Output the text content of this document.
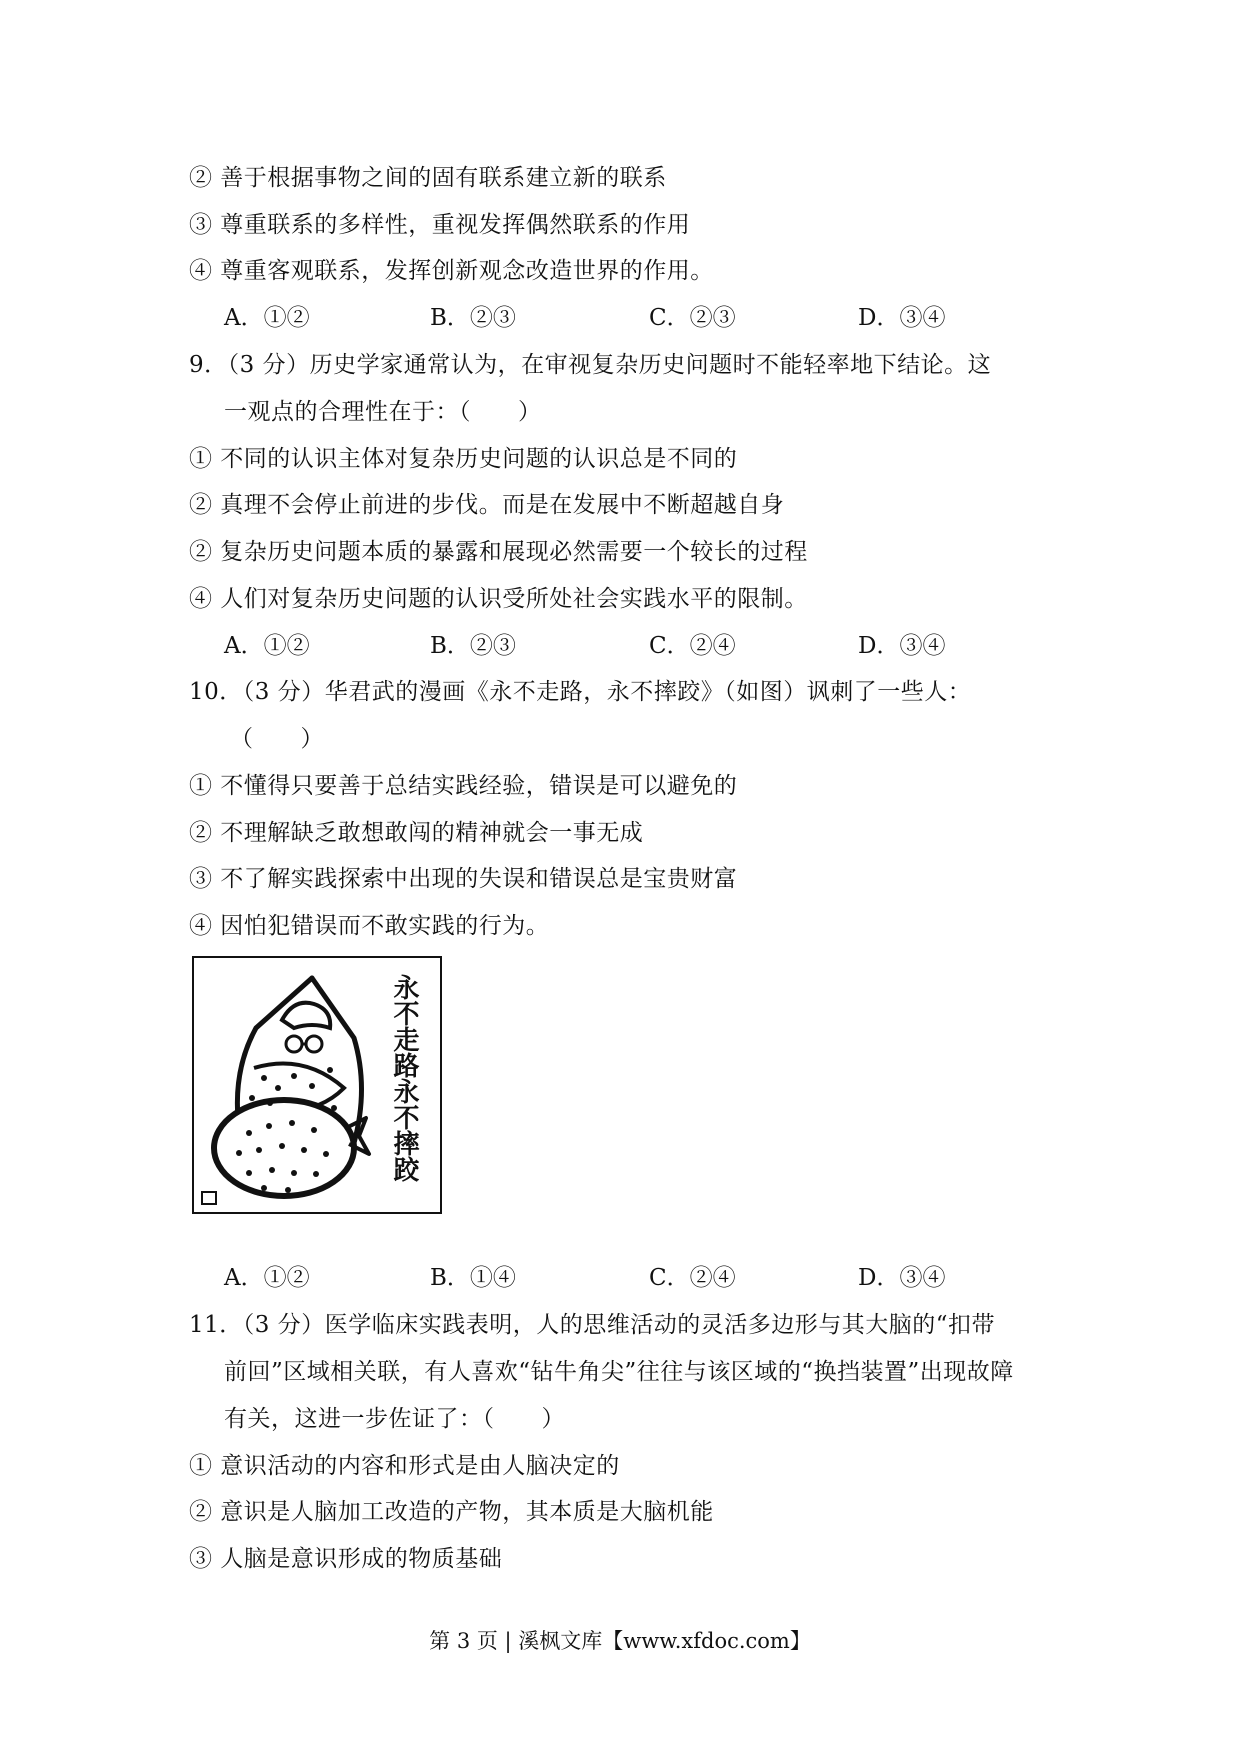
② 善于根据事物之间的固有联系建立新的联系
③ 尊重联系的多样性，重视发挥偶然联系的作用
④ 尊重客观联系，发挥创新观念改造世界的作用。
A．①②	B．②③	C．②③	D．③④
9．（3 分）历史学家通常认为，在审视复杂历史问题时不能轻率地下结论。这
一观点的合理性在于：（　　）
① 不同的认识主体对复杂历史问题的认识总是不同的
② 真理不会停止前进的步伐。而是在发展中不断超越自身
② 复杂历史问题本质的暴露和展现必然需要一个较长的过程
④ 人们对复杂历史问题的认识受所处社会实践水平的限制。
A．①②	B．②③	C．②④	D．③④
10．（3 分）华君武的漫画《永不走路，永不摔跤》（如图）讽刺了一些人：
（　　）
① 不懂得只要善于总结实践经验，错误是可以避免的
② 不理解缺乏敢想敢闯的精神就会一事无成
③ 不了解实践探索中出现的失误和错误总是宝贵财富
④ 因怕犯错误而不敢实践的行为。
永不走路永不摔跤
A．①②	B．①④	C．②④	D．③④
11．（3 分）医学临床实践表明，人的思维活动的灵活多边形与其大脑的“扣带
前回”区域相关联，有人喜欢“钻牛角尖”往往与该区域的“换挡装置”出现故障
有关，这进一步佐证了：（　　）
① 意识活动的内容和形式是由人脑决定的
② 意识是人脑加工改造的产物，其本质是大脑机能
③ 人脑是意识形成的物质基础
第 3 页 | 溪枫文库【www.xfdoc.com】
